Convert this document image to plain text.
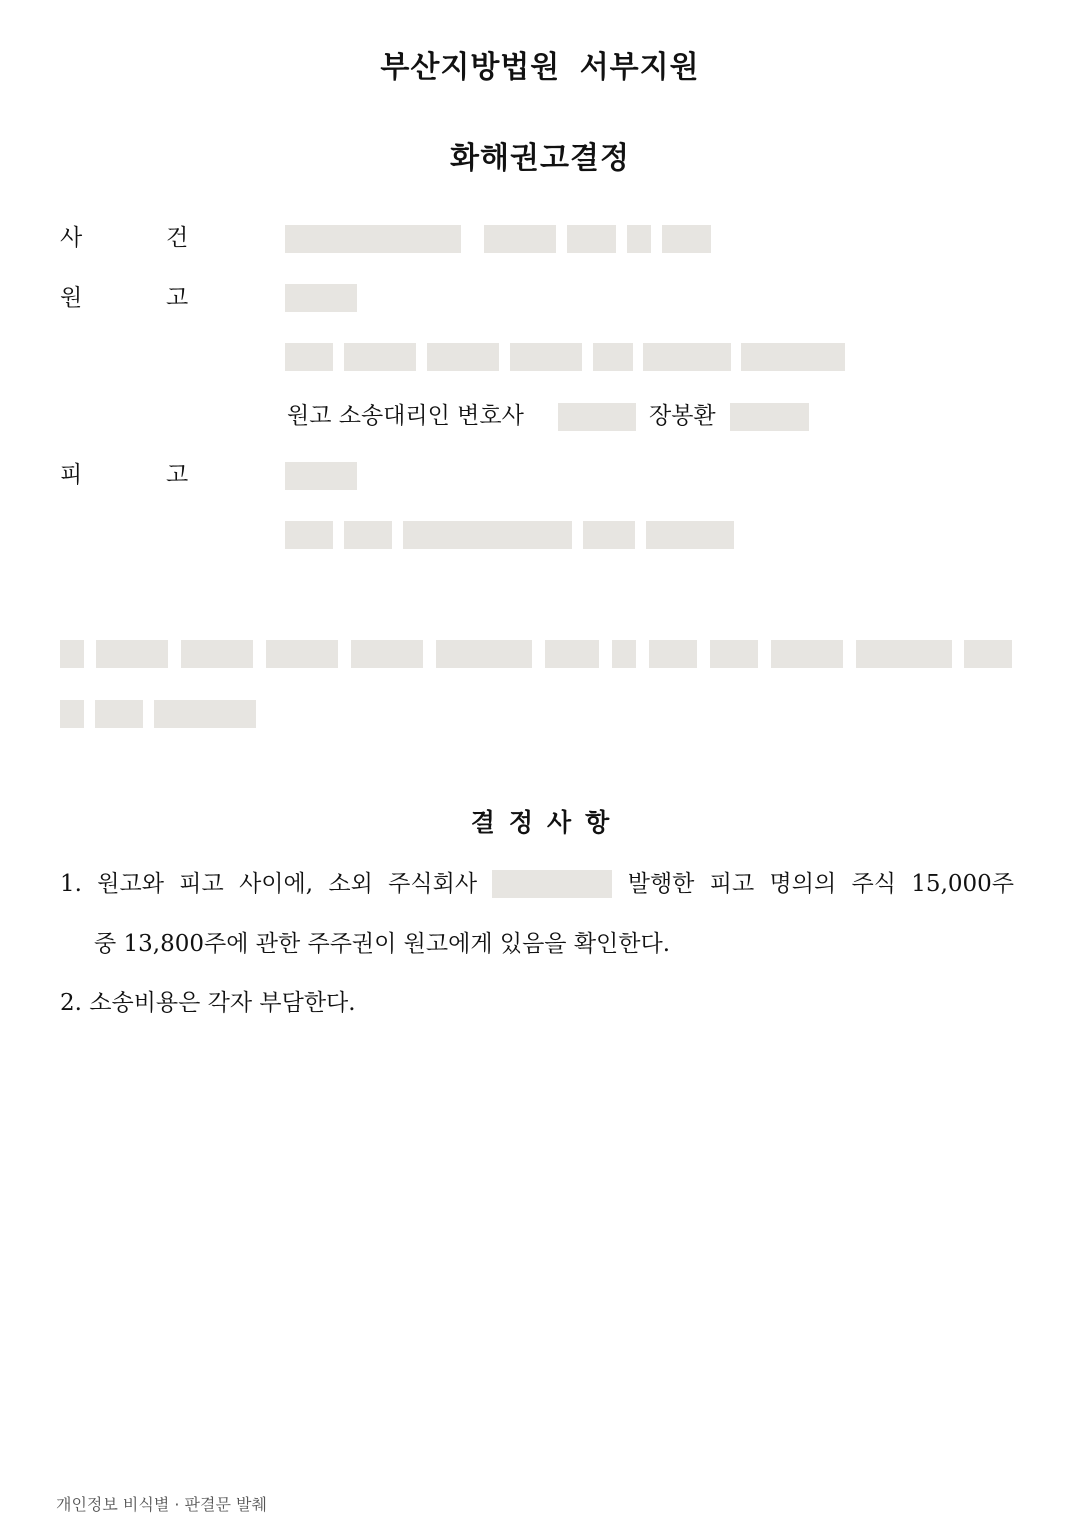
부산지방법원 서부지원
화해권고결정
사	건
원	고
원고 소송대리인 변호사	장봉환
피	고
결정사항
1. 원고와 피고 사이에, 소외 주식회사	발행한 피고 명의의 주식 15,000주
중 13,800주에 관한 주주권이 원고에게 있음을 확인한다.
2. 소송비용은 각자 부담한다.
개인정보 비식별 · 판결문 발췌
